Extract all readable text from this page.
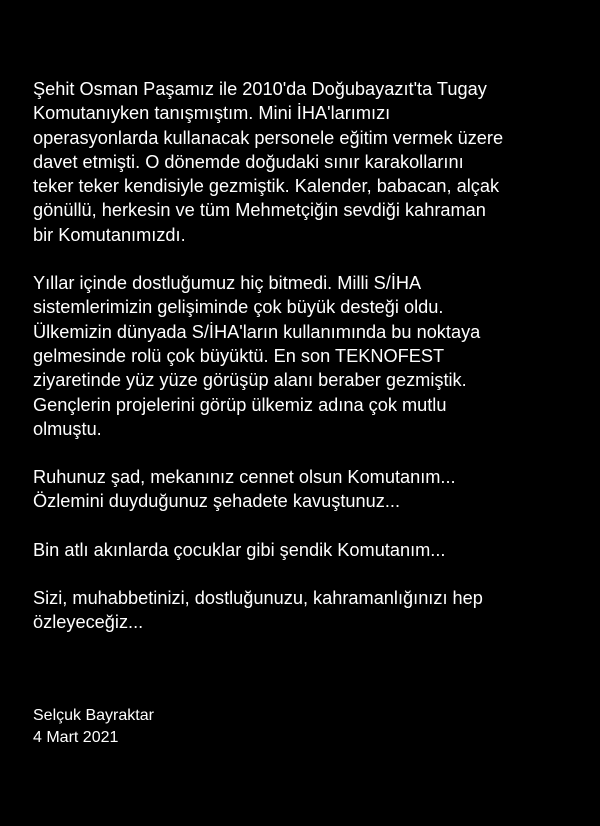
Şehit Osman Paşamız ile 2010'da Doğubayazıt'ta Tugay
Komutanıyken tanışmıştım. Mini İHA'larımızı
operasyonlarda kullanacak personele eğitim vermek üzere
davet etmişti. O dönemde doğudaki sınır karakollarını
teker teker kendisiyle gezmiştik. Kalender, babacan, alçak
gönüllü, herkesin ve tüm Mehmetçiğin sevdiği kahraman
bir Komutanımızdı.

Yıllar içinde dostluğumuz hiç bitmedi. Milli S/İHA
sistemlerimizin gelişiminde çok büyük desteği oldu.
Ülkemizin dünyada S/İHA'ların kullanımında bu noktaya
gelmesinde rolü çok büyüktü. En son TEKNOFEST
ziyaretinde yüz yüze görüşüp alanı beraber gezmiştik.
Gençlerin projelerini görüp ülkemiz adına çok mutlu
olmuştu.

Ruhunuz şad, mekanınız cennet olsun Komutanım...
Özlemini duyduğunuz şehadete kavuştunuz...

Bin atlı akınlarda çocuklar gibi şendik Komutanım...

Sizi, muhabbetinizi, dostluğunuzu, kahramanlığınızı hep
özleyeceğiz...

Selçuk Bayraktar
4 Mart 2021
